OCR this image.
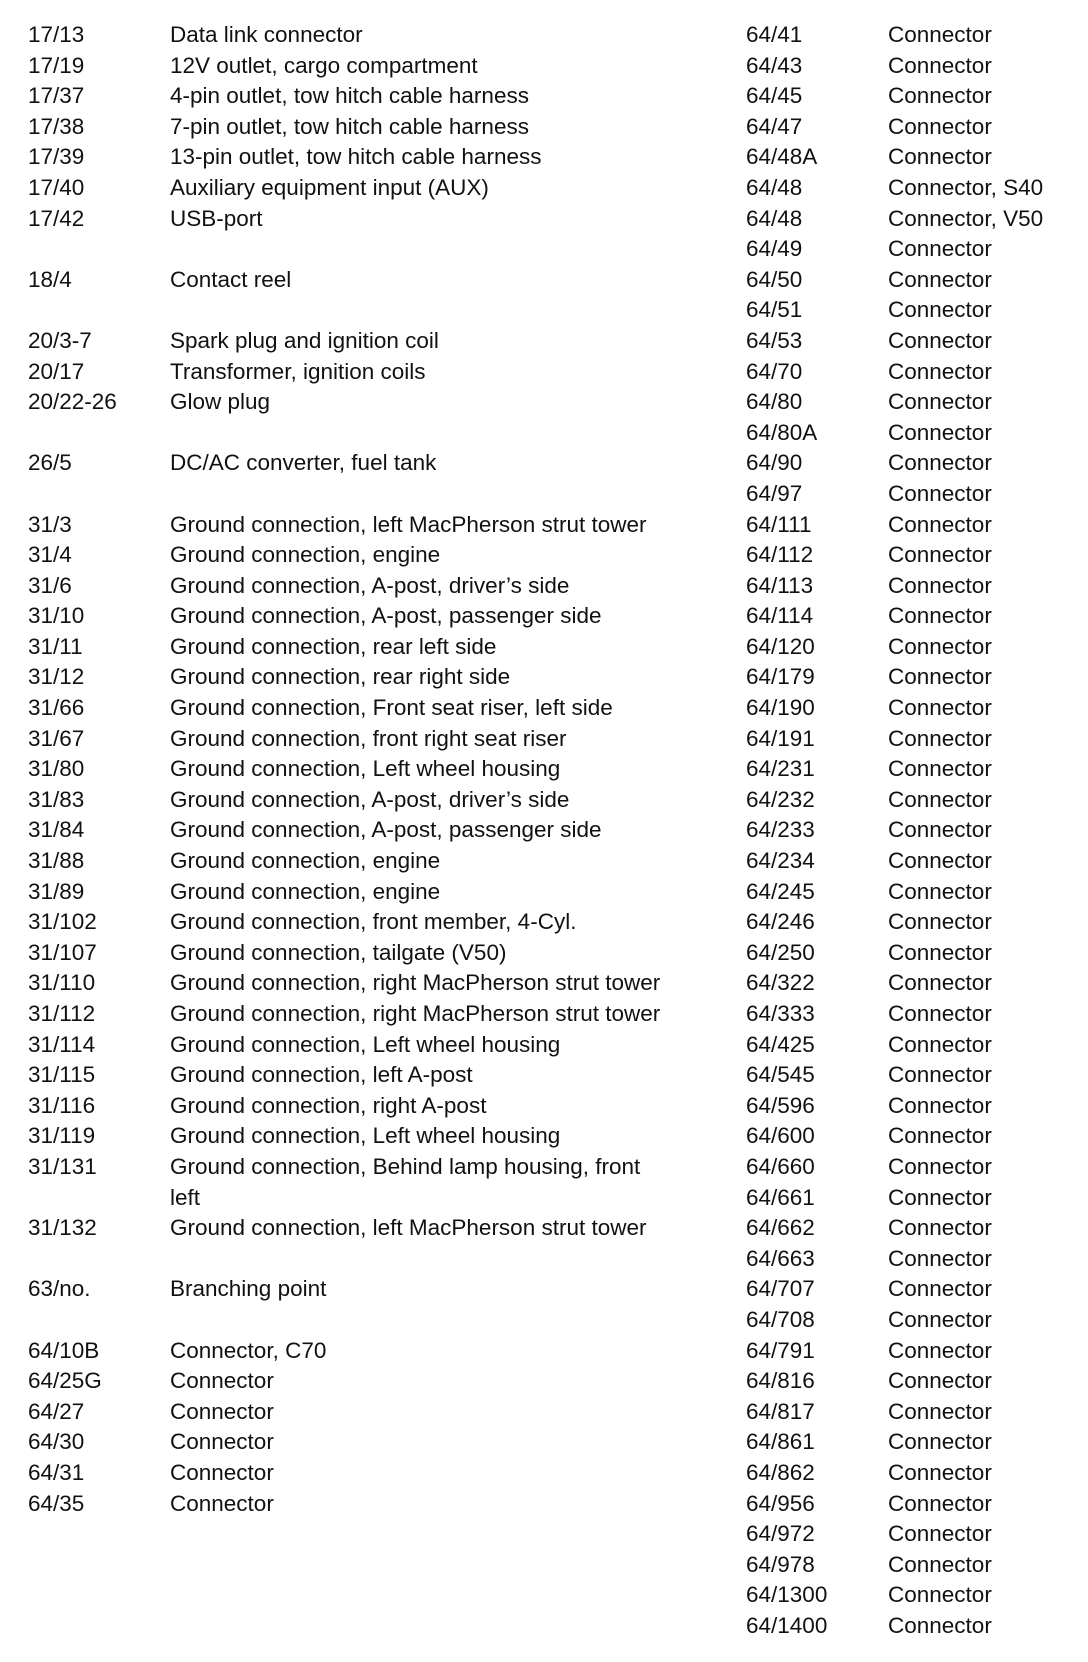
17/13	Data link connector
17/19	12V outlet, cargo compartment
17/37	4-pin outlet, tow hitch cable harness
17/38	7-pin outlet, tow hitch cable harness
17/39	13-pin outlet, tow hitch cable harness
17/40	Auxiliary equipment input (AUX)
17/42	USB-port
18/4	Contact reel
20/3-7	Spark plug and ignition coil
20/17	Transformer, ignition coils
20/22-26	Glow plug
26/5	DC/AC converter, fuel tank
31/3	Ground connection, left MacPherson strut tower
31/4	Ground connection, engine
31/6	Ground connection, A-post, driver’s side
31/10	Ground connection, A-post, passenger side
31/11	Ground connection, rear left side
31/12	Ground connection, rear right side
31/66	Ground connection, Front seat riser, left side
31/67	Ground connection, front right seat riser
31/80	Ground connection, Left wheel housing
31/83	Ground connection, A-post, driver’s side
31/84	Ground connection, A-post, passenger side
31/88	Ground connection, engine
31/89	Ground connection, engine
31/102	Ground connection, front member, 4-Cyl.
31/107	Ground connection, tailgate (V50)
31/110	Ground connection, right MacPherson strut tower
31/112	Ground connection, right MacPherson strut tower
31/114	Ground connection, Left wheel housing
31/115	Ground connection, left A-post
31/116	Ground connection, right A-post
31/119	Ground connection, Left wheel housing
31/131	Ground connection, Behind lamp housing, front left
31/132	Ground connection, left MacPherson strut tower
63/no.	Branching point
64/10B	Connector, C70
64/25G	Connector
64/27	Connector
64/30	Connector
64/31	Connector
64/35	Connector
64/41	Connector
64/43	Connector
64/45	Connector
64/47	Connector
64/48A	Connector
64/48	Connector, S40
64/48	Connector, V50
64/49	Connector
64/50	Connector
64/51	Connector
64/53	Connector
64/70	Connector
64/80	Connector
64/80A	Connector
64/90	Connector
64/97	Connector
64/111	Connector
64/112	Connector
64/113	Connector
64/114	Connector
64/120	Connector
64/179	Connector
64/190	Connector
64/191	Connector
64/231	Connector
64/232	Connector
64/233	Connector
64/234	Connector
64/245	Connector
64/246	Connector
64/250	Connector
64/322	Connector
64/333	Connector
64/425	Connector
64/545	Connector
64/596	Connector
64/600	Connector
64/660	Connector
64/661	Connector
64/662	Connector
64/663	Connector
64/707	Connector
64/708	Connector
64/791	Connector
64/816	Connector
64/817	Connector
64/861	Connector
64/862	Connector
64/956	Connector
64/972	Connector
64/978	Connector
64/1300	Connector
64/1400	Connector
